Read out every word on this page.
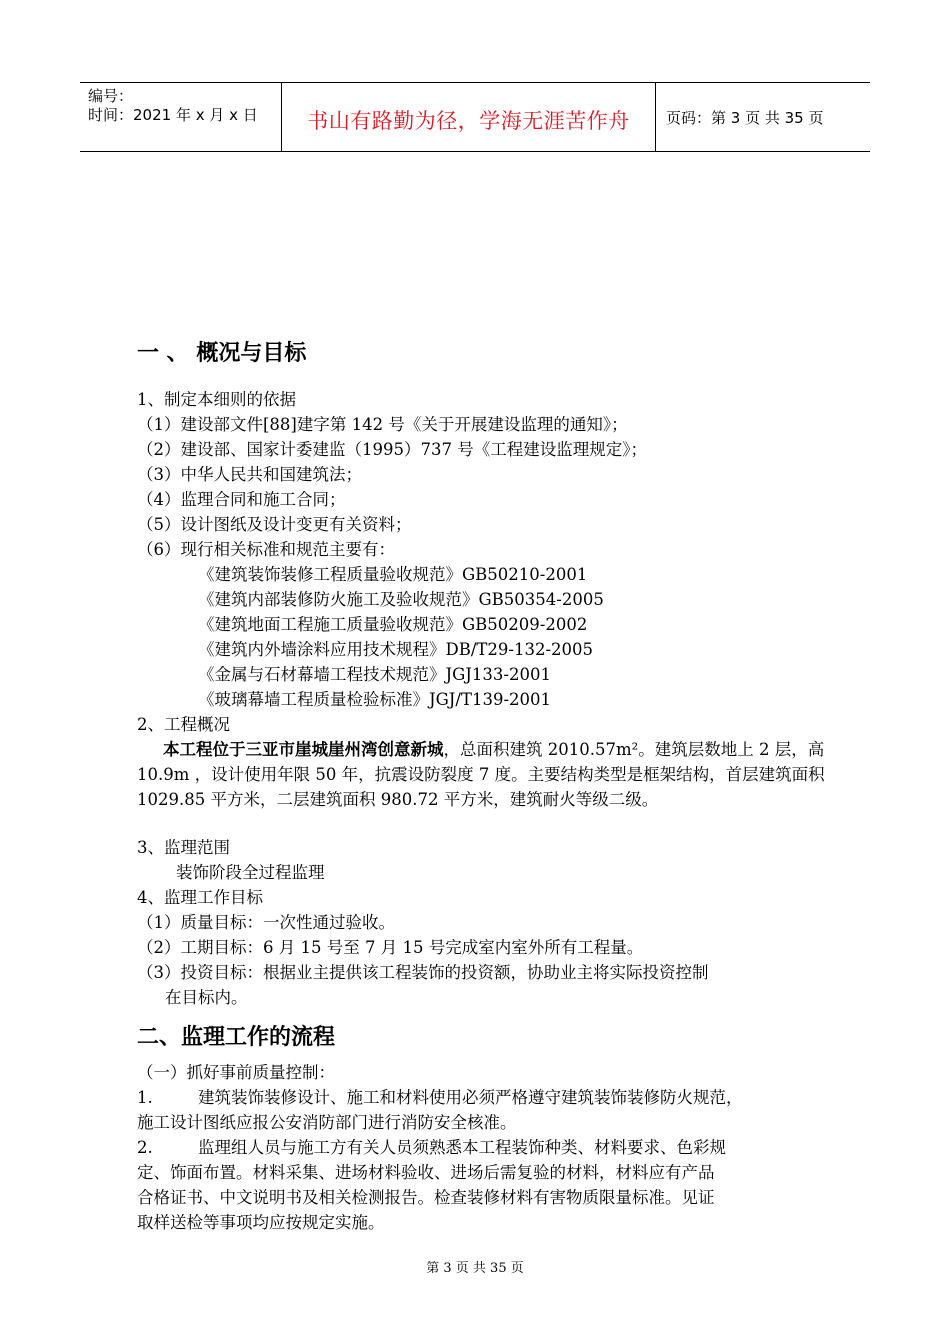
编号：
时间：2021 年 x 月 x 日	书山有路勤为径，学海无涯苦作舟	页码：第 3 页 共 35 页
一 、 概况与目标
1、制定本细则的依据
（1）建设部文件[88]建字第 142 号《关于开展建设监理的通知》；
（2）建设部、国家计委建监（1995）737 号《工程建设监理规定》；
（3）中华人民共和国建筑法；
（4）监理合同和施工合同；
（5）设计图纸及设计变更有关资料；
（6）现行相关标准和规范主要有：
《建筑装饰装修工程质量验收规范》GB50210-2001
《建筑内部装修防火施工及验收规范》GB50354-2005
《建筑地面工程施工质量验收规范》GB50209-2002
《建筑内外墙涂料应用技术规程》DB/T29-132-2005
《金属与石材幕墙工程技术规范》JGJ133-2001
《玻璃幕墙工程质量检验标准》JGJ/T139-2001
2、工程概况
本工程位于三亚市崖城崖州湾创意新城，总面积建筑 2010.57m²。建筑层数地上 2 层，高 10.9m ，设计使用年限 50 年，抗震设防裂度 7 度。主要结构类型是框架结构，首层建筑面积 1029.85 平方米，二层建筑面积 980.72 平方米，建筑耐火等级二级。
3、监理范围
装饰阶段全过程监理
4、监理工作目标
（1）质量目标：一次性通过验收。
（2）工期目标：6 月 15 号至 7 月 15 号完成室内室外所有工程量。
（3）投资目标：根据业主提供该工程装饰的投资额，协助业主将实际投资控制
在目标内。
二、监理工作的流程
（一）抓好事前质量控制：
1.	建筑装饰装修设计、施工和材料使用必须严格遵守建筑装饰装修防火规范，
施工设计图纸应报公安消防部门进行消防安全核准。
2.	监理组人员与施工方有关人员须熟悉本工程装饰种类、材料要求、色彩规
定、饰面布置。材料采集、进场材料验收、进场后需复验的材料，材料应有产品
合格证书、中文说明书及相关检测报告。检查装修材料有害物质限量标准。见证
取样送检等事项均应按规定实施。
第 3 页 共 35 页
